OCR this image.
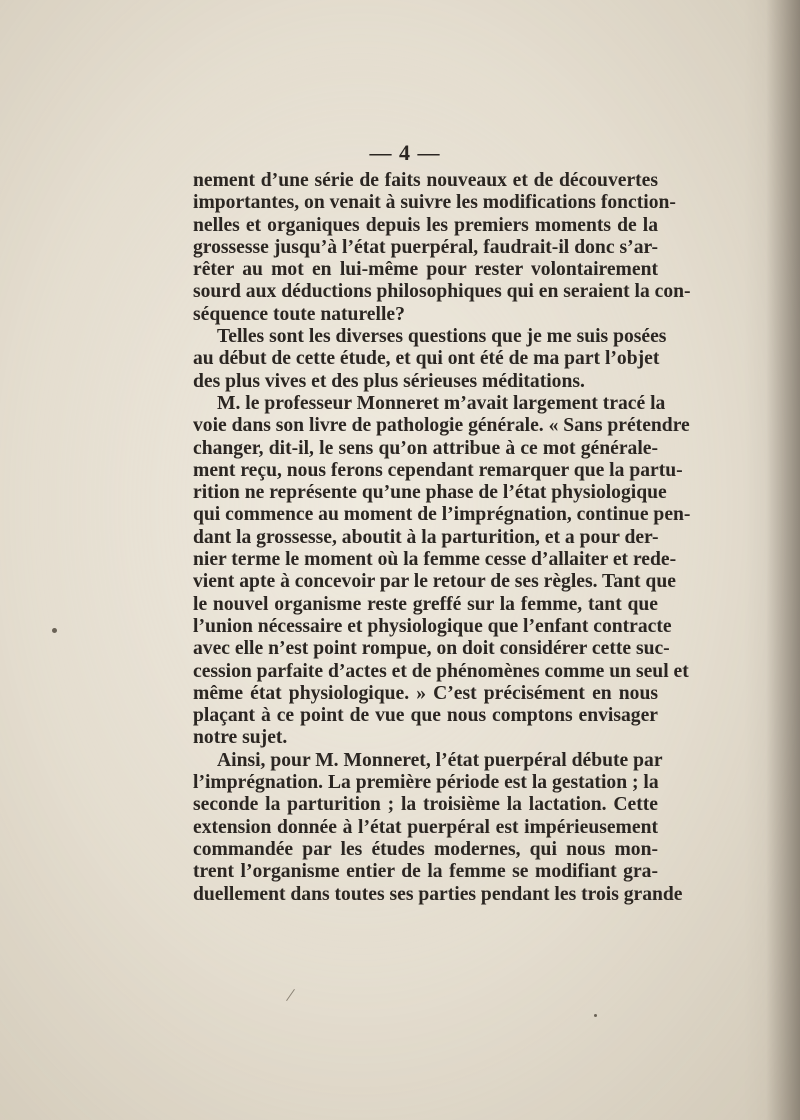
— 4 —
nement d’une série de faits nouveaux et de découvertes
importantes, on venait à suivre les modifications fonction-
nelles et organiques depuis les premiers moments de la
grossesse jusqu’à l’état puerpéral, faudrait-il donc s’ar-
rêter au mot en lui-même pour rester volontairement
sourd aux déductions philosophiques qui en seraient la con-
séquence toute naturelle?
Telles sont les diverses questions que je me suis posées
au début de cette étude, et qui ont été de ma part l’objet
des plus vives et des plus sérieuses méditations.
M. le professeur Monneret m’avait largement tracé la
voie dans son livre de pathologie générale. « Sans prétendre
changer, dit-il, le sens qu’on attribue à ce mot générale-
ment reçu, nous ferons cependant remarquer que la partu-
rition ne représente qu’une phase de l’état physiologique
qui commence au moment de l’imprégnation, continue pen-
dant la grossesse, aboutit à la parturition, et a pour der-
nier terme le moment où la femme cesse d’allaiter et rede-
vient apte à concevoir par le retour de ses règles. Tant que
le nouvel organisme reste greffé sur la femme, tant que
l’union nécessaire et physiologique que l’enfant contracte
avec elle n’est point rompue, on doit considérer cette suc-
cession parfaite d’actes et de phénomènes comme un seul et
même état physiologique. » C’est précisément en nous
plaçant à ce point de vue que nous comptons envisager
notre sujet.
Ainsi, pour M. Monneret, l’état puerpéral débute par
l’imprégnation. La première période est la gestation ; la
seconde la parturition ; la troisième la lactation. Cette
extension donnée à l’état puerpéral est impérieusement
commandée par les études modernes, qui nous mon-
trent l’organisme entier de la femme se modifiant gra-
duellement dans toutes ses parties pendant les trois grande
